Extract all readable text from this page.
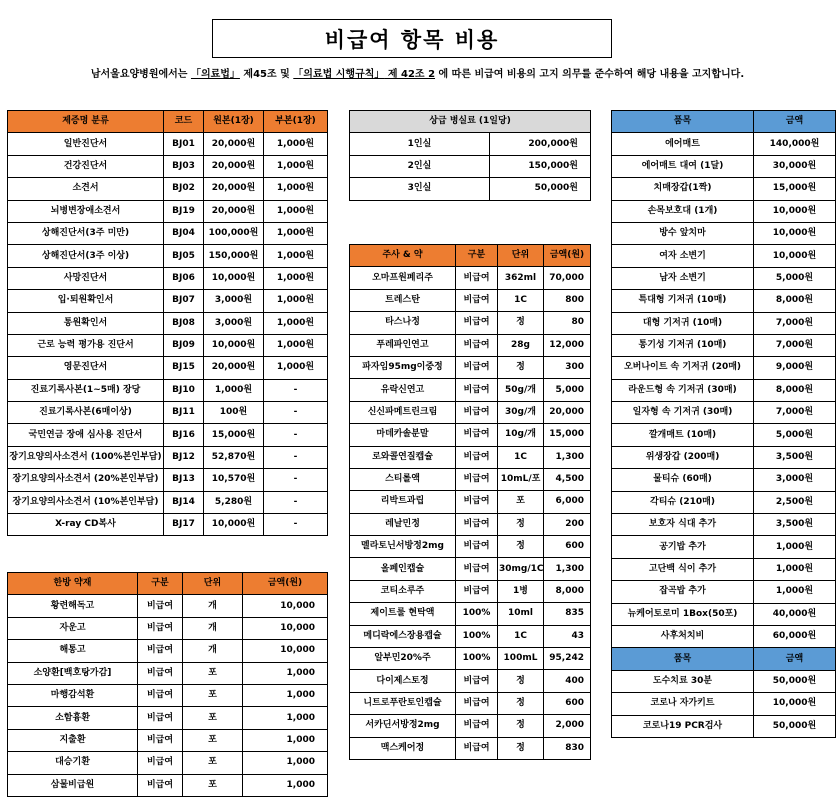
비급여 항목 비용
남서울요양병원에서는 「의료법」 제45조 및 「의료법 시행규칙」 제 42조 2 에 따른 비급여 비용의 고지 의무를 준수하여 해당 내용을 고지합니다.
제증명 분류	코드	원본(1장)	부본(1장)
일반진단서	BJ01	20,000원	1,000원
건강진단서	BJ03	20,000원	1,000원
소견서	BJ02	20,000원	1,000원
뇌병변장애소견서	BJ19	20,000원	1,000원
상해진단서(3주 미만)	BJ04	100,000원	1,000원
상해진단서(3주 이상)	BJ05	150,000원	1,000원
사망진단서	BJ06	10,000원	1,000원
입·퇴원확인서	BJ07	3,000원	1,000원
통원확인서	BJ08	3,000원	1,000원
근로 능력 평가용 진단서	BJ09	10,000원	1,000원
영문진단서	BJ15	20,000원	1,000원
진료기록사본(1~5매) 장당	BJ10	1,000원	-
진료기록사본(6매이상)	BJ11	100원	-
국민연금 장애 심사용 진단서	BJ16	15,000원	-
장기요양의사소견서 (100%본인부담)	BJ12	52,870원	-
장기요양의사소견서 (20%본인부담)	BJ13	10,570원	-
장기요양의사소견서 (10%본인부담)	BJ14	5,280원	-
X-ray CD복사	BJ17	10,000원	-
한방 약재	구분	단위	금액(원)
황련해독고	비급여	개	10,000
자운고	비급여	개	10,000
해통고	비급여	개	10,000
소양환[백호탕가감]	비급여	포	1,000
마행감석환	비급여	포	1,000
소함흉환	비급여	포	1,000
지출환	비급여	포	1,000
대승기환	비급여	포	1,000
삼물비급원	비급여	포	1,000
상급 병실료 (1일당)	
1인실	200,000원
2인실	150,000원
3인실	50,000원
주사 & 약	구분	단위	금액(원)
오마프원페리주	비급여	362ml	70,000
트레스탄	비급여	1C	800
타스나정	비급여	정	80
푸레파인연고	비급여	28g	12,000
파자임95mg이중정	비급여	정	300
유락신연고	비급여	50g/개	5,000
신신파메트린크림	비급여	30g/개	20,000
마데카솔분말	비급여	10g/개	15,000
로와콜연질캡슐	비급여	1C	1,300
스티롤액	비급여	10mL/포	4,500
리박트과립	비급여	포	6,000
레날민정	비급여	정	200
멜라토닌서방정2mg	비급여	정	600
올페인캡슐	비급여	30mg/1C	1,300
코티소루주	비급여	1병	8,000
제이트룰 현탁액	100%	10ml	835
메디락에스장용캡슐	100%	1C	43
알부민20%주	100%	100mL	95,242
다이제스토정	비급여	정	400
니트로푸란토인캡슐	비급여	정	600
서카딘서방정2mg	비급여	정	2,000
맥스케어정	비급여	정	830
품목	금액
에어매트	140,000원
에어매트 대여 (1달)	30,000원
치매장갑(1짝)	15,000원
손목보호대 (1개)	10,000원
방수 앞치마	10,000원
여자 소변기	10,000원
남자 소변기	5,000원
특대형 기저귀 (10매)	8,000원
대형 기저귀 (10매)	7,000원
통기성 기저귀 (10매)	7,000원
오버나이트 속 기저귀 (20매)	9,000원
라운드형 속 기저귀 (30매)	8,000원
일자형 속 기저귀 (30매)	7,000원
깔개매트 (10매)	5,000원
위생장갑 (200매)	3,500원
물티슈 (60매)	3,000원
각티슈 (210매)	2,500원
보호자 식대 추가	3,500원
공기밥 추가	1,000원
고단백 식이 추가	1,000원
잡곡밥 추가	1,000원
뉴케어토로미 1Box(50포)	40,000원
사후처치비	60,000원
품목	금액
도수치료 30분	50,000원
코로나 자가키트	10,000원
코로나19 PCR검사	50,000원
